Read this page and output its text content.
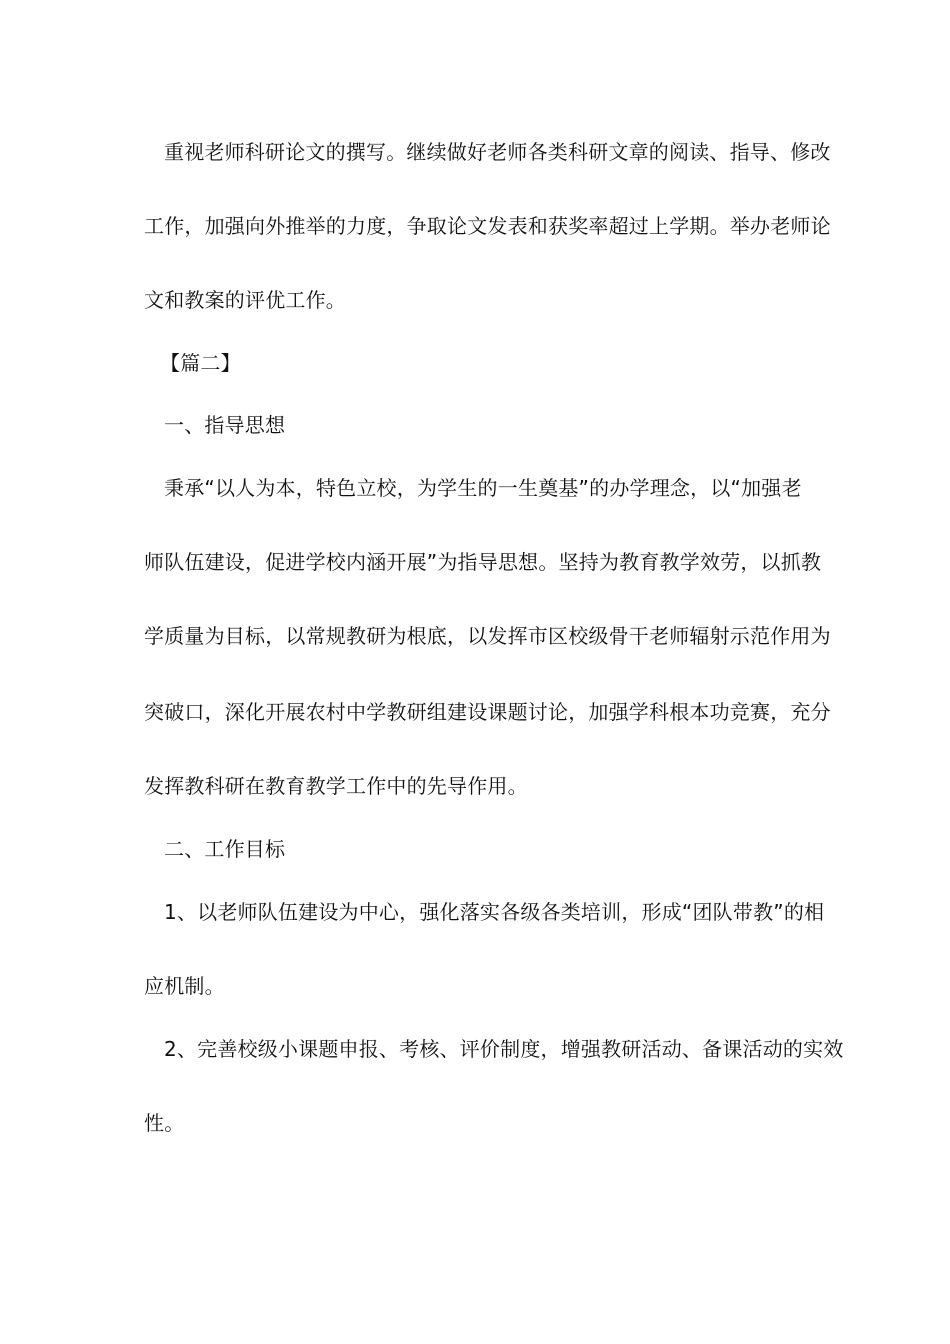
重视老师科研论文的撰写。继续做好老师各类科研文章的阅读、指导、修改
工作，加强向外推举的力度，争取论文发表和获奖率超过上学期。举办老师论
文和教案的评优工作。
【篇二】
一、指导思想
秉承“以人为本，特色立校，为学生的一生奠基”的办学理念，以“加强老
师队伍建设，促进学校内涵开展”为指导思想。坚持为教育教学效劳，以抓教
学质量为目标，以常规教研为根底，以发挥市区校级骨干老师辐射示范作用为
突破口，深化开展农村中学教研组建设课题讨论，加强学科根本功竞赛，充分
发挥教科研在教育教学工作中的先导作用。
二、工作目标
1、以老师队伍建设为中心，强化落实各级各类培训，形成“团队带教”的相
应机制。
2、完善校级小课题申报、考核、评价制度，增强教研活动、备课活动的实效
性。
